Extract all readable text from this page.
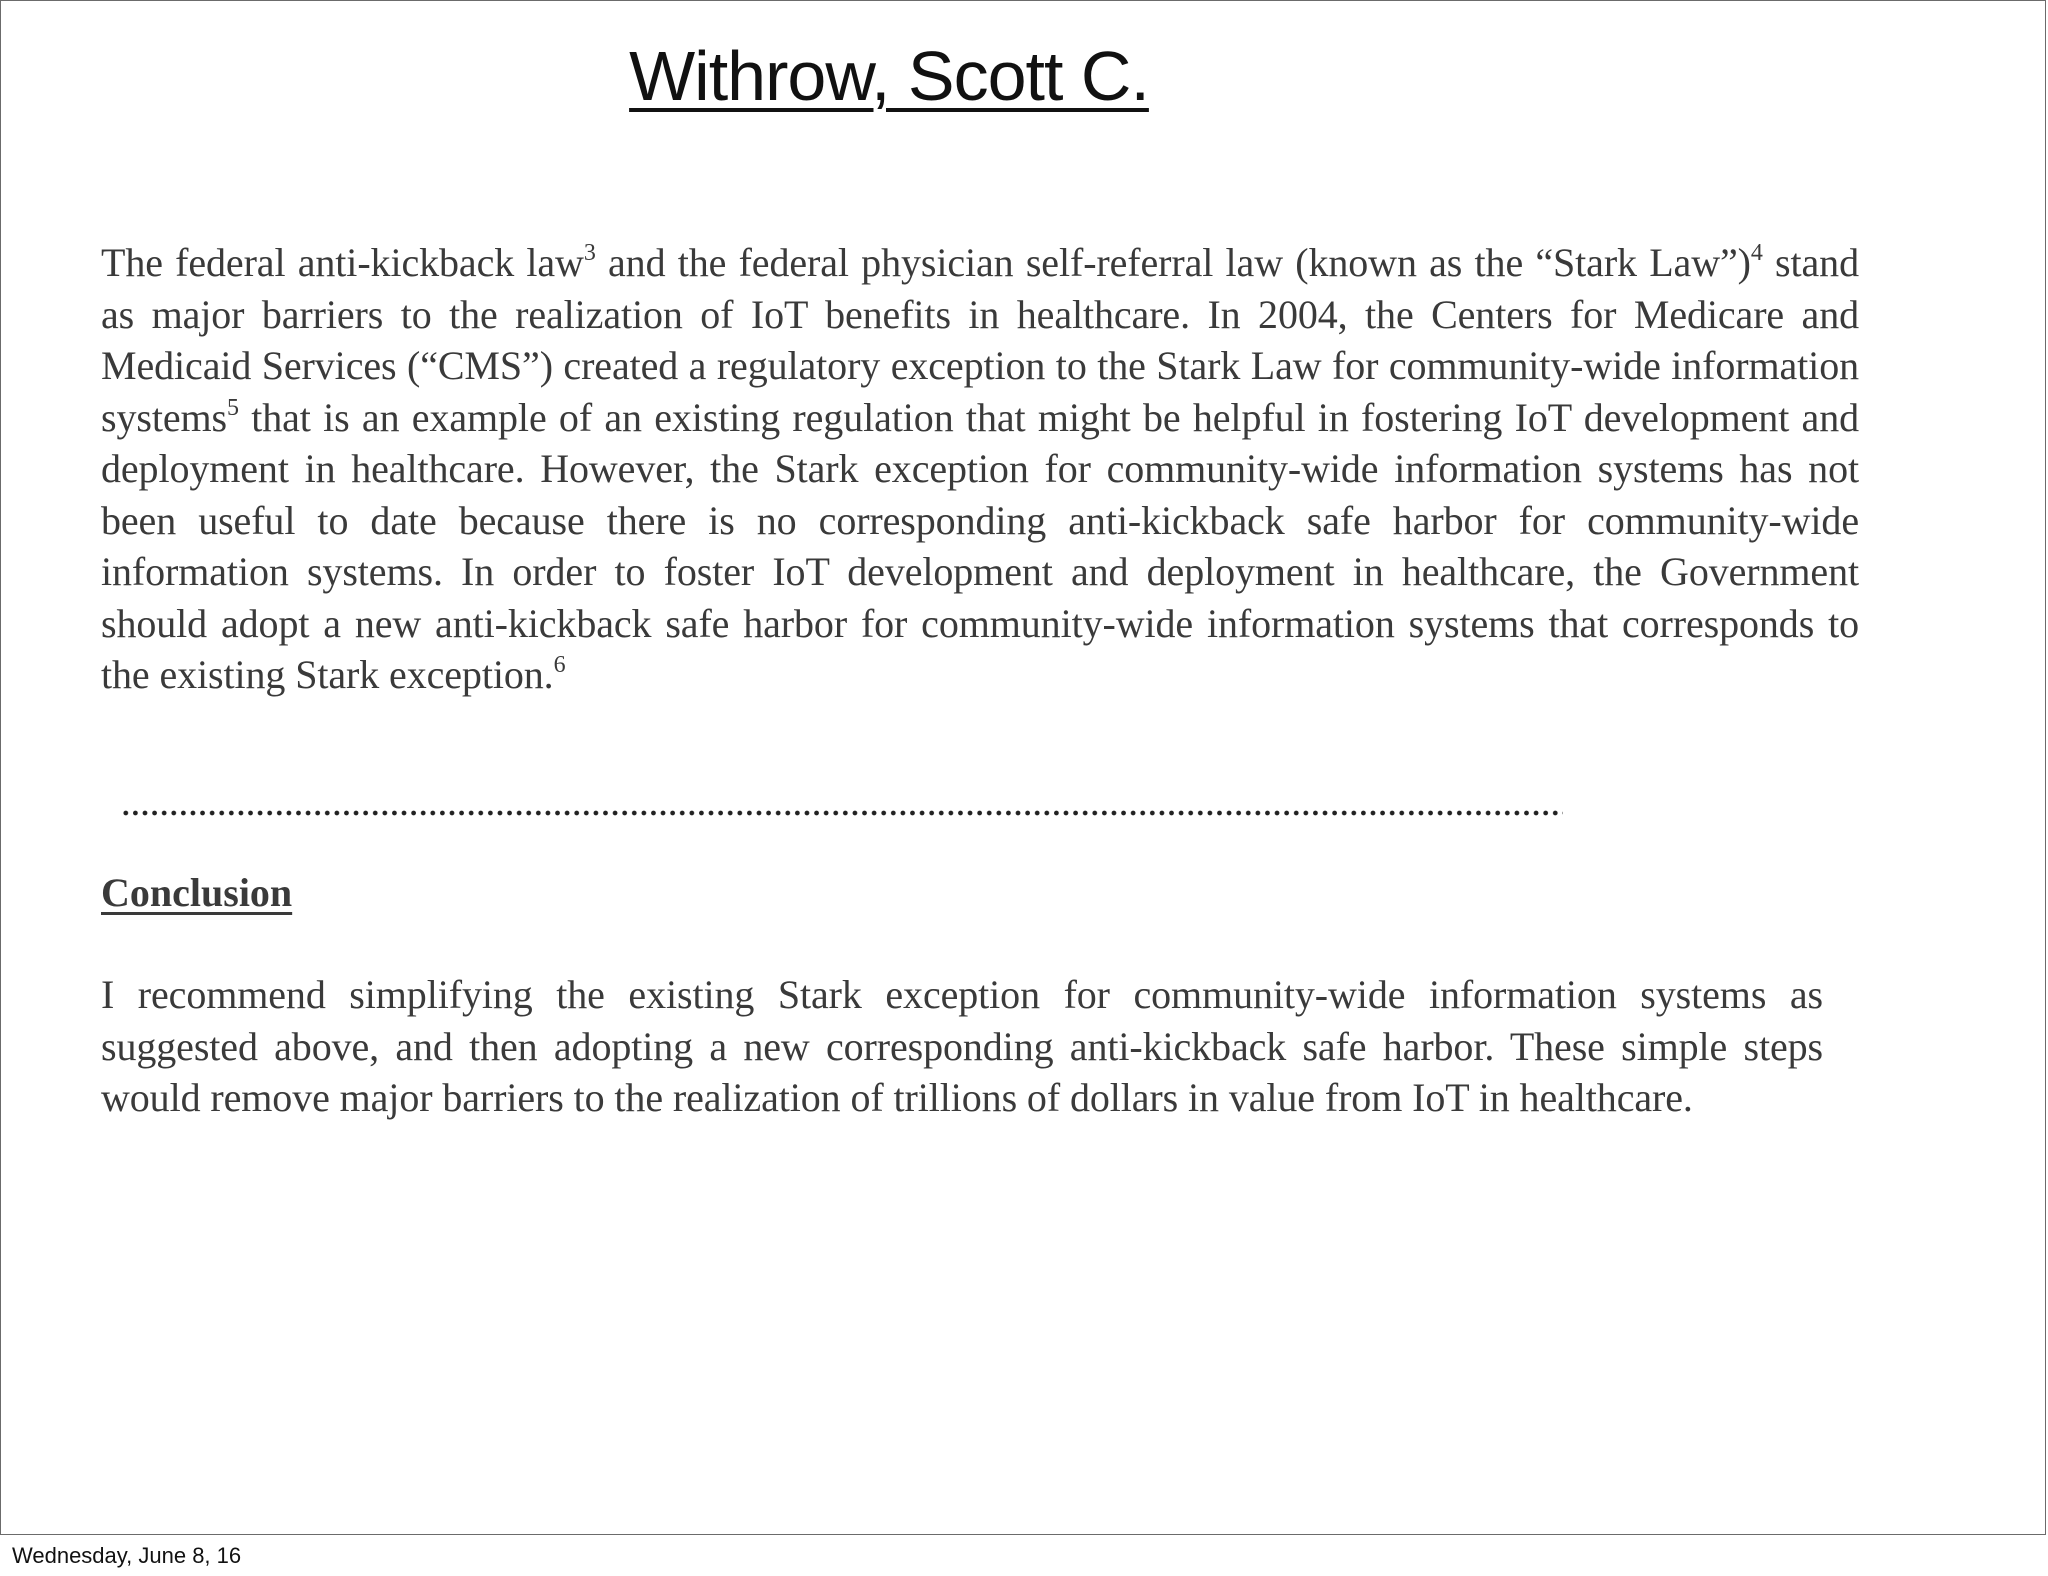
Withrow, Scott C.

The federal anti-kickback law$^3$ and the federal physician self-referral law (known as the “Stark Law”)$^4$ stand as major barriers to the realization of IoT benefits in healthcare. In 2004, the Centers for Medicare and Medicaid Services (“CMS”) created a regulatory exception to the Stark Law for community-wide information systems$^5$ that is an example of an existing regulation that might be helpful in fostering IoT development and deployment in healthcare. However, the Stark exception for community-wide information systems has not been useful to date because there is no corresponding anti-kickback safe harbor for community-wide information systems. In order to foster IoT development and deployment in healthcare, the Government should adopt a new anti-kickback safe harbor for community-wide information systems that corresponds to the existing Stark exception.$^6$

Conclusion

I recommend simplifying the existing Stark exception for community-wide information systems as suggested above, and then adopting a new corresponding anti-kickback safe harbor. These simple steps would remove major barriers to the realization of trillions of dollars in value from IoT in healthcare.

Wednesday, June 8, 16
